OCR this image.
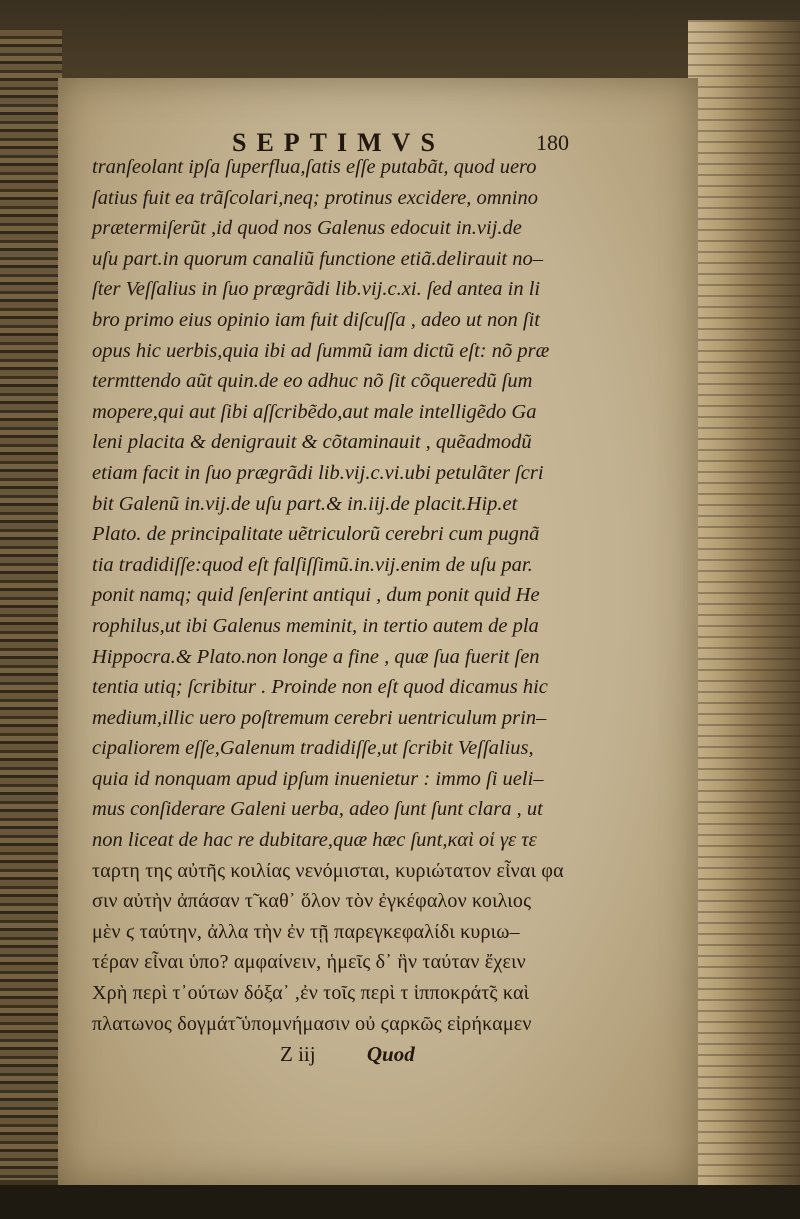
SEPTIMVS	180
tranſeolant ipſa ſuperflua,ſatis eſſe putabãt, quod uero
ſatius fuit ea trãſcolari,neq; protinus excidere, omnino
prætermiſerũt ,id quod nos Galenus edocuit in.vij.de
uſu part.in quorum canaliũ functione etiã.delirauit no–
ſter Veſſalius in ſuo prægrãdi lib.vij.c.xi. ſed antea in li
bro primo eius opinio iam fuit diſcuſſa , adeo ut non ſit
opus hic uerbis,quia ibi ad ſummũ iam dictũ eſt: nõ præ
termttendo aũt quin.de eo adhuc nõ ſit cõqueredũ ſum
mopere,qui aut ſibi aſſcribẽdo,aut male intelligẽdo Ga
leni placita & denigrauit & cõtaminauit , quẽadmodũ
etiam facit in ſuo prægrãdi lib.vij.c.vi.ubi petulãter ſcri
bit Galenũ in.vij.de uſu part.& in.iij.de placit.Hip.et
Plato. de principalitate uẽtriculorũ cerebri cum pugnã
tia tradidiſſe:quod eſt falſiſſimũ.in.vij.enim de uſu par.
ponit namq; quid ſenſerint antiqui , dum ponit quid He
rophilus,ut ibi Galenus meminit, in tertio autem de pla
Hippocra.& Plato.non longe a fine , quæ ſua fuerit ſen
tentia utiq; ſcribitur . Proinde non eſt quod dicamus hic
medium,illic uero poſtremum cerebri uentriculum prin–
cipaliorem eſſe,Galenum tradidiſſe,ut ſcribit Veſſalius,
quia id nonquam apud ipſum inuenietur : immo ſi ueli–
mus conſiderare Galeni uerba, adeo ſunt ſunt clara , ut
non liceat de hac re dubitare,quæ hæc ſunt,καὶ οἱ γε τε
ταρτη της αὐτῆς κοιλίας νενόμισται, κυριώτατον εἶναι φα
σιν αὐτὴν ἀπάσαν τ̃ καθ᾽ ὅλον τὸν ἐγκέφαλον κοιλιος
μὲν ϛ ταύτην, ἀλλα τὴν ἐν τῇ παρεγκεφαλίδι κυριω–
τέραν εἶναι ὑπο? αμφαίνειν, ἡμεῖς δ᾽ ἣν ταύταν ἔχειν
Χρὴ περὶ τ᾽ούτων δόξα᾽ ,ἐν τοῖς περὶ τ ἱπποκράτ̃ς καὶ
πλατωνος δογμάτ̃ ὑπομνήμασιν οὐ ϛαρκῶς εἰρήκαμεν
Z iij Quod
